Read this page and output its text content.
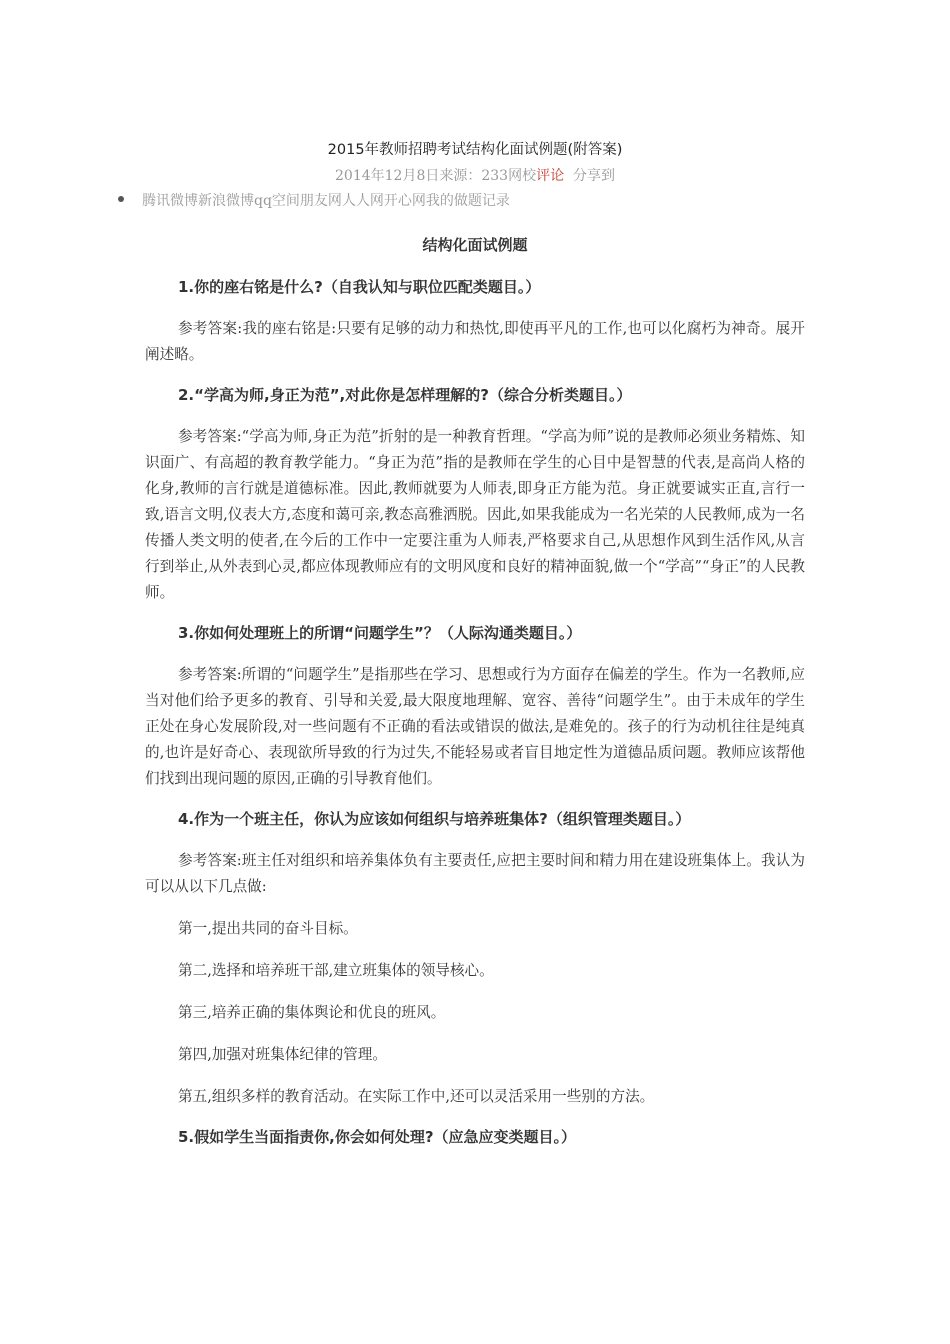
2015年教师招聘考试结构化面试例题(附答案)
2014年12月8日来源：233网校评论 分享到
腾讯微博新浪微博qq空间朋友网人人网开心网我的做题记录
结构化面试例题
1.你的座右铭是什么?（自我认知与职位匹配类题目。）
参考答案:我的座右铭是:只要有足够的动力和热忱,即使再平凡的工作,也可以化腐朽为神奇。展开阐述略。
2.“学高为师,身正为范”,对此你是怎样理解的?（综合分析类题目。）
参考答案:“学高为师,身正为范”折射的是一种教育哲理。“学高为师”说的是教师必须业务精炼、知识面广、有高超的教育教学能力。“身正为范”指的是教师在学生的心目中是智慧的代表,是高尚人格的化身,教师的言行就是道德标准。因此,教师就要为人师表,即身正方能为范。身正就要诚实正直,言行一致,语言文明,仪表大方,态度和蔼可亲,教态高雅洒脱。因此,如果我能成为一名光荣的人民教师,成为一名传播人类文明的使者,在今后的工作中一定要注重为人师表,严格要求自己,从思想作风到生活作风,从言行到举止,从外表到心灵,都应体现教师应有的文明风度和良好的精神面貌,做一个“学高”“身正”的人民教师。
3.你如何处理班上的所谓“问题学生”？（人际沟通类题目。）
参考答案:所谓的“问题学生”是指那些在学习、思想或行为方面存在偏差的学生。作为一名教师,应当对他们给予更多的教育、引导和关爱,最大限度地理解、宽容、善待“问题学生”。由于未成年的学生正处在身心发展阶段,对一些问题有不正确的看法或错误的做法,是难免的。孩子的行为动机往往是纯真的,也许是好奇心、表现欲所导致的行为过失,不能轻易或者盲目地定性为道德品质问题。教师应该帮他们找到出现问题的原因,正确的引导教育他们。
4.作为一个班主任，你认为应该如何组织与培养班集体?（组织管理类题目。）
参考答案:班主任对组织和培养集体负有主要责任,应把主要时间和精力用在建设班集体上。我认为可以从以下几点做:
第一,提出共同的奋斗目标。
第二,选择和培养班干部,建立班集体的领导核心。
第三,培养正确的集体舆论和优良的班风。
第四,加强对班集体纪律的管理。
第五,组织多样的教育活动。在实际工作中,还可以灵活采用一些别的方法。
5.假如学生当面指责你,你会如何处理?（应急应变类题目。）
